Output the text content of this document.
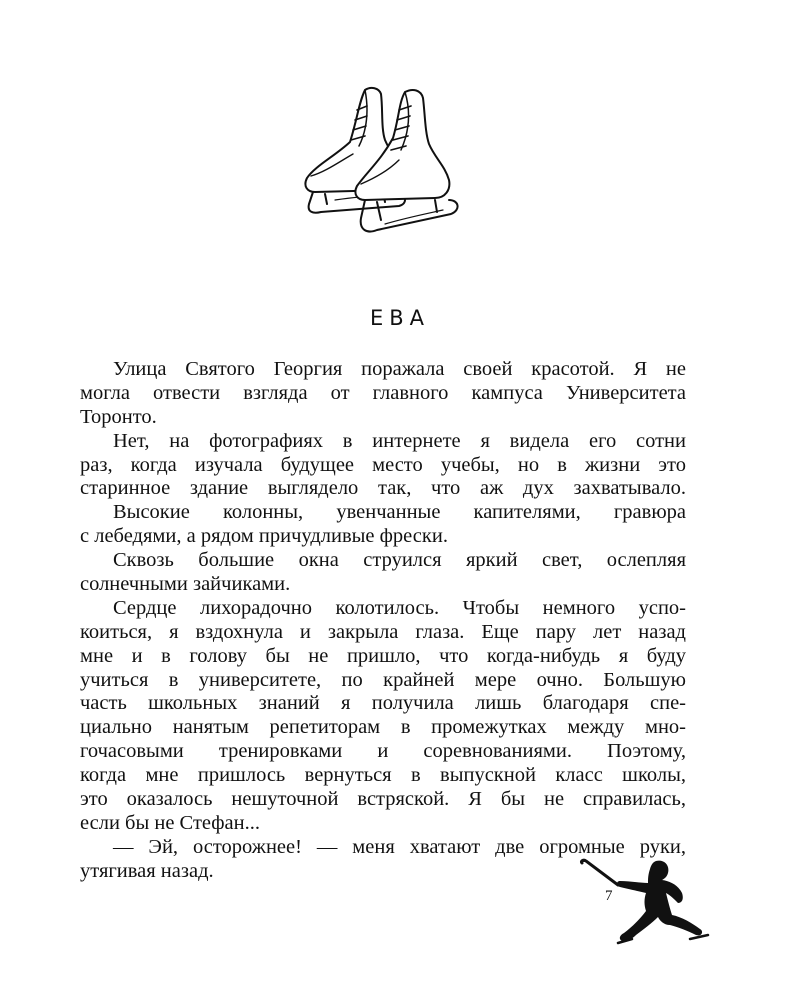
ЕВА
Улица Святого Георгия поражала своей красотой. Я не
могла отвести взгляда от главного кампуса Университета
Торонто.
Нет, на фотографиях в интернете я видела его сотни
раз, когда изучала будущее место учебы, но в жизни это
старинное здание выглядело так, что аж дух захватывало.
Высокие колонны, увенчанные капителями, гравюра
с лебедями, а рядом причудливые фрески.
Сквозь большие окна струился яркий свет, ослепляя
солнечными зайчиками.
Сердце лихорадочно колотилось. Чтобы немного успо-
коиться, я вздохнула и закрыла глаза. Еще пару лет назад
мне и в голову бы не пришло, что когда-нибудь я буду
учиться в университете, по крайней мере очно. Большую
часть школьных знаний я получила лишь благодаря спе-
циально нанятым репетиторам в промежутках между мно-
гочасовыми тренировками и соревнованиями. Поэтому,
когда мне пришлось вернуться в выпускной класс школы,
это оказалось нешуточной встряской. Я бы не справилась,
если бы не Стефан...
— Эй, осторожнее! — меня хватают две огромные руки,
утягивая назад.
7
